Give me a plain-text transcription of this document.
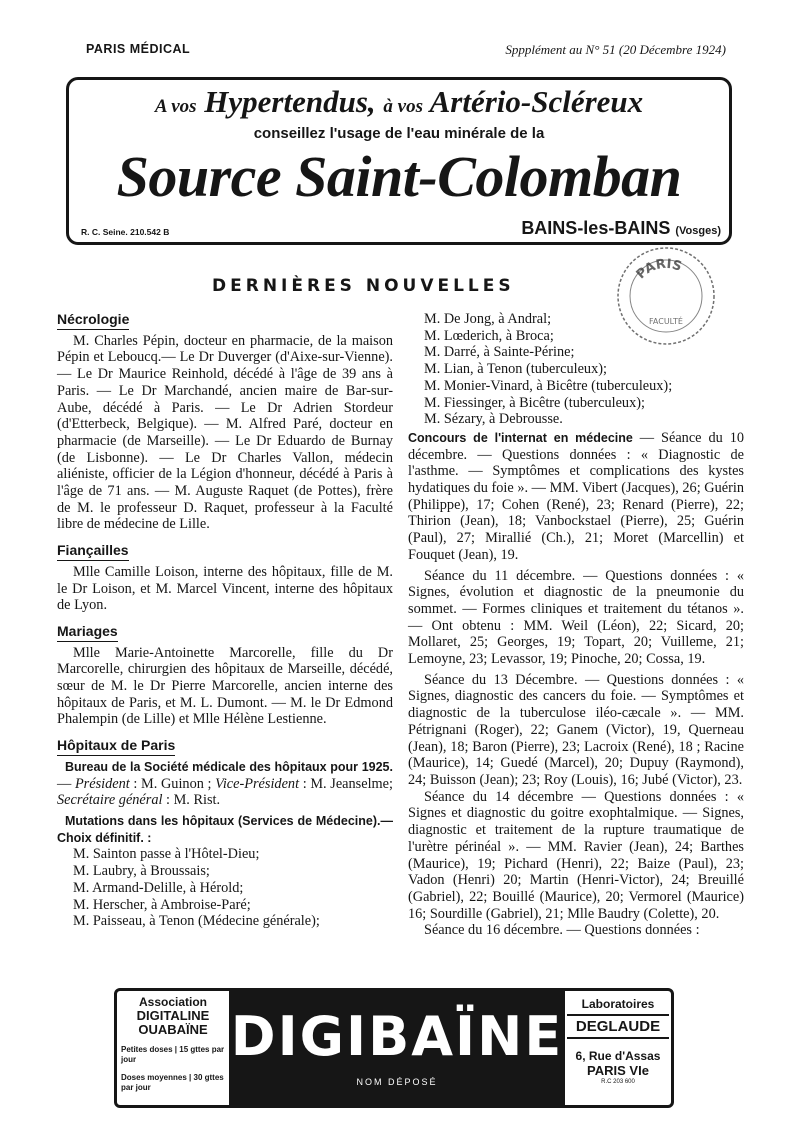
PARIS MÉDICAL	Sppplément au N° 51 (20 Décembre 1924)
A vos Hypertendus, à vos Artério-Scléreux
conseillez l'usage de l'eau minérale de la
Source Saint-Colomban
R. C. Seine. 210.542 B	BAINS-les-BAINS (Vosges)
PARIS
FACULTÉ
DERNIÈRES NOUVELLES
Nécrologie

M. Charles Pépin, docteur en pharmacie, de la maison Pépin et Leboucq.— Le Dr Duverger (d'Aixe-sur-Vienne). — Le Dr Maurice Reinhold, décédé à l'âge de 39 ans à Paris. — Le Dr Marchandé, ancien maire de Bar-sur-Aube, décédé à Paris. — Le Dr Adrien Stordeur (d'Etterbeck, Belgique). — M. Alfred Paré, docteur en pharmacie (de Marseille). — Le Dr Eduardo de Burnay (de Lisbonne). — Le Dr Charles Vallon, médecin aliéniste, officier de la Légion d'honneur, décédé à Paris à l'âge de 71 ans. — M. Auguste Raquet (de Pottes), frère de M. le professeur D. Raquet, professeur à la Faculté libre de médecine de Lille.

Fiançailles

Mlle Camille Loison, interne des hôpitaux, fille de M. le Dr Loison, et M. Marcel Vincent, interne des hôpitaux de Lyon.

Mariages

Mlle Marie-Antoinette Marcorelle, fille du Dr Marcorelle, chirurgien des hôpitaux de Marseille, décédé, sœur de M. le Dr Pierre Marcorelle, ancien interne des hôpitaux de Paris, et M. L. Dumont. — M. le Dr Edmond Phalempin (de Lille) et Mlle Hélène Lestienne.

Hôpitaux de Paris

Bureau de la Société médicale des hôpitaux pour 1925. — Président : M. Guinon ; Vice-Président : M. Jeanselme; Secrétaire général : M. Rist.

Mutations dans les hôpitaux (Services de Médecine).— Choix définitif. :

M. Sainton passe à l'Hôtel-Dieu;
M. Laubry, à Broussais;
M. Armand-Delille, à Hérold;
M. Herscher, à Ambroise-Paré;
M. Paisseau, à Tenon (Médecine générale);
M. De Jong, à Andral;
M. Lœderich, à Broca;
M. Darré, à Sainte-Périne;
M. Lian, à Tenon (tuberculeux);
M. Monier-Vinard, à Bicêtre (tuberculeux);
M. Fiessinger, à Bicêtre (tuberculeux);
M. Sézary, à Debrousse.

Concours de l'internat en médecine — Séance du 10 décembre. — Questions données : « Diagnostic de l'asthme. — Symptômes et complications des kystes hydatiques du foie ». — MM. Vibert (Jacques), 26; Guérin (Philippe), 17; Cohen (René), 23; Renard (Pierre), 22; Thirion (Jean), 18; Vanbockstael (Pierre), 25; Guérin (Paul), 27; Mirallié (Ch.), 21; Moret (Marcellin) et Fouquet (Jean), 19.

Séance du 11 décembre. — Questions données : « Signes, évolution et diagnostic de la pneumonie du sommet. — Formes cliniques et traitement du tétanos ». — Ont obtenu : MM. Weil (Léon), 22; Sicard, 20; Mollaret, 25; Georges, 19; Topart, 20; Vuilleme, 21; Lemoyne, 23; Levassor, 19; Pinoche, 20; Cossa, 19.

Séance du 13 Décembre. — Questions données : « Signes, diagnostic des cancers du foie. — Symptômes et diagnostic de la tuberculose iléo-cæcale ». — MM. Pétrignani (Roger), 22; Ganem (Victor), 19, Querneau (Jean), 18; Baron (Pierre), 23; Lacroix (René), 18 ; Racine (Maurice), 14; Guedé (Marcel), 20; Dupuy (Raymond), 24; Buisson (Jean); 23; Roy (Louis), 16; Jubé (Victor), 23.

Séance du 14 décembre — Questions données : « Signes et diagnostic du goitre exophtalmique. — Signes, diagnostic et traitement de la rupture traumatique de l'urètre périnéal ». — MM. Ravier (Jean), 24; Barthes (Maurice), 19; Pichard (Henri), 22; Baize (Paul), 23; Vadon (Henri) 20; Martin (Henri-Victor), 24; Breuillé (Gabriel), 22; Bouillé (Maurice), 20; Vermorel (Maurice) 16; Sourdille (Gabriel), 21; Mlle Baudry (Colette), 20.

Séance du 16 décembre. — Questions données :

Association
DIGITALINE
OUABAÏNE
Petites doses | 15 gttes par jour
Doses moyennes | 30 gttes par jour
DIGIBAÏNE
NOM DÉPOSÉ
Laboratoires
DEGLAUDE
6, Rue d'Assas
PARIS VIe
R.C 203 600
